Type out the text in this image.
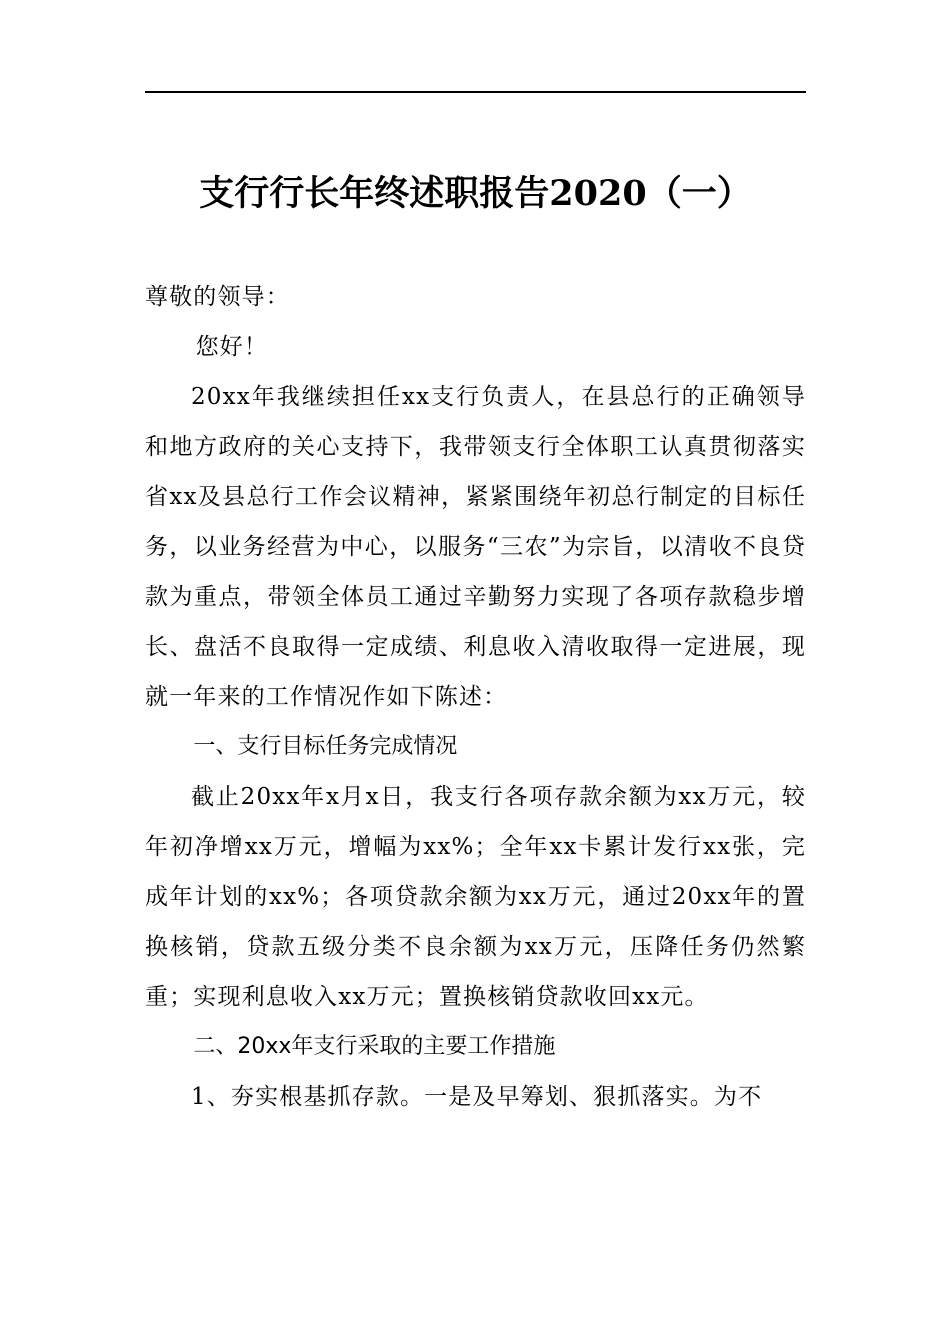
支行行长年终述职报告2020（一）

尊敬的领导：

您好！

20xx年我继续担任xx支行负责人，在县总行的正确领导和地方政府的关心支持下，我带领支行全体职工认真贯彻落实省xx及县总行工作会议精神，紧紧围绕年初总行制定的目标任务，以业务经营为中心，以服务“三农”为宗旨，以清收不良贷款为重点，带领全体员工通过辛勤努力实现了各项存款稳步增长、盘活不良取得一定成绩、利息收入清收取得一定进展，现就一年来的工作情况作如下陈述：

一、支行目标任务完成情况

截止20xx年x月x日，我支行各项存款余额为xx万元，较年初净增xx万元，增幅为xx%；全年xx卡累计发行xx张，完成年计划的xx%；各项贷款余额为xx万元，通过20xx年的置换核销，贷款五级分类不良余额为xx万元，压降任务仍然繁重；实现利息收入xx万元；置换核销贷款收回xx元。

二、20xx年支行采取的主要工作措施

1、夯实根基抓存款。一是及早筹划、狠抓落实。为不
